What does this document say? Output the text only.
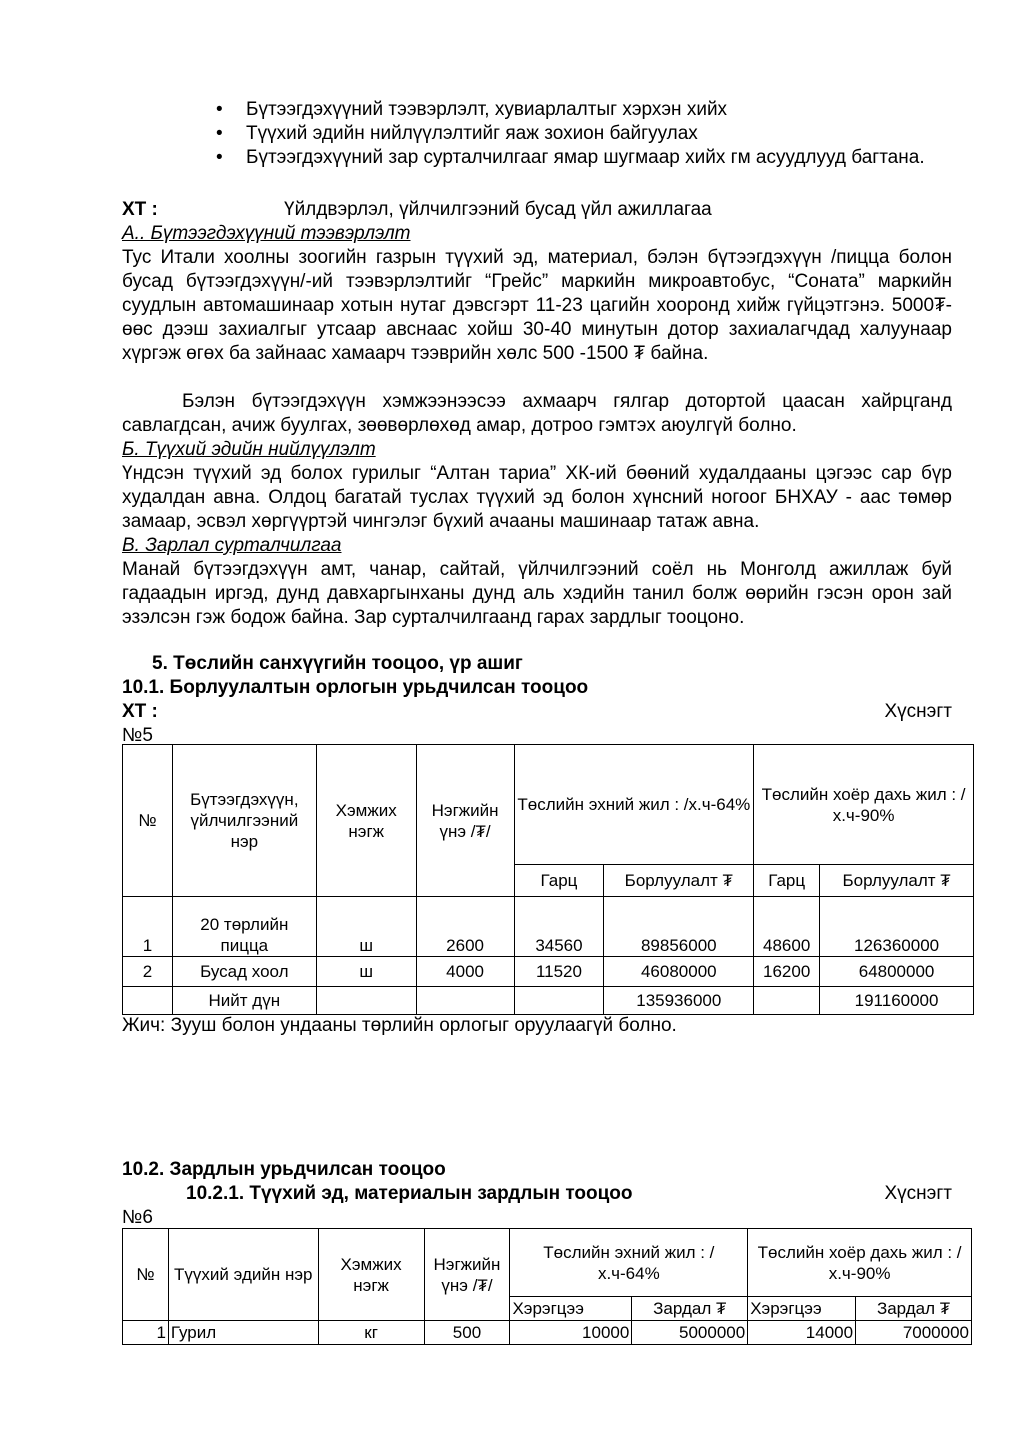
•	Бүтээгдэхүүний тээвэрлэлт, хувиарлалтыг хэрхэн хийх
•	Түүхий эдийн нийлүүлэлтийг яаж зохион байгуулах
•	Бүтээгдэхүүний зар сурталчилгааг ямар шугмаар хийх гм асуудлууд багтана.
ХТ :	Үйлдвэрлэл, үйлчилгээний бусад үйл ажиллагаа
А.. Бүтээгдэхүүний тээвэрлэлт
Тус Итали хоолны зоогийн газрын түүхий эд, материал, бэлэн бүтээгдэхүүн /пицца болон бусад бүтээгдэхүүн/-ий тээвэрлэлтийг “Грейс” маркийн микроавтобус, “Соната” маркийн суудлын автомашинаар хотын нутаг дэвсгэрт 11-23 цагийн хооронд хийж гүйцэтгэнэ. 5000₮-өөс дээш захиалгыг утсаар авснаас хойш 30-40 минутын дотор захиалагчдад халуунаар хүргэж өгөх ба зайнаас хамаарч тээврийн хөлс 500 -1500 ₮ байна.
Бэлэн бүтээгдэхүүн хэмжээнээсээ ахмаарч гялгар дотортой цаасан хайрцганд савлагдсан, ачиж буулгах, зөөвөрлөхөд амар, дотроо гэмтэх аюулгүй болно.
Б. Түүхий эдийн нийлүүлэлт
Үндсэн түүхий эд болох гурилыг “Алтан тариа” ХК-ий бөөний худалдааны цэгээс сар бүр худалдан авна. Олдоц багатай туслах түүхий эд болон хүнсний ногоог БНХАУ - аас төмөр замаар, эсвэл хөргүүртэй чингэлэг бүхий ачааны машинаар татаж авна.
В. Зарлал сурталчилгаа
Манай бүтээгдэхүүн амт, чанар, сайтай, үйлчилгээний соёл нь Монголд ажиллаж буй гадаадын иргэд, дунд давхаргынханы дунд аль хэдийн танил болж өөрийн гэсэн орон зай эзэлсэн гэж бодож байна. Зар сурталчилгаанд гарах зардлыг тооцоно.
5. Төслийн санхүүгийн тооцоо, үр ашиг
10.1. Борлуулалтын орлогын урьдчилсан тооцоо
ХТ :	Хүснэгт
№5
№	Бүтээгдэхүүн, үйлчилгээний нэр	Хэмжих нэгж	Нэгжийн үнэ /₮/	Төслийн эхний жил : /х.ч-64%		Төслийн хоёр дахь жил : /х.ч-90%	
				Гарц	Борлуулалт ₮	Гарц	Борлуулалт ₮
1	20 төрлийн пицца	ш	2600	34560	89856000	48600	126360000
2	Бусад хоол	ш	4000	11520	46080000	16200	64800000
	Нийт дүн				135936000		191160000
Жич: Зууш болон ундааны төрлийн орлогыг оруулаагүй болно.
10.2. Зардлын урьдчилсан тооцоо
10.2.1. Түүхий эд, материалын зардлын тооцоо	Хүснэгт
№6
№	Түүхий эдийн нэр	Хэмжих нэгж	Нэгжийн үнэ /₮/	Төслийн эхний жил : /х.ч-64%		Төслийн хоёр дахь жил : /х.ч-90%	
				Хэрэгцээ	Зардал ₮	Хэрэгцээ	Зардал ₮
1	Гурил	кг	500	10000	5000000	14000	7000000
